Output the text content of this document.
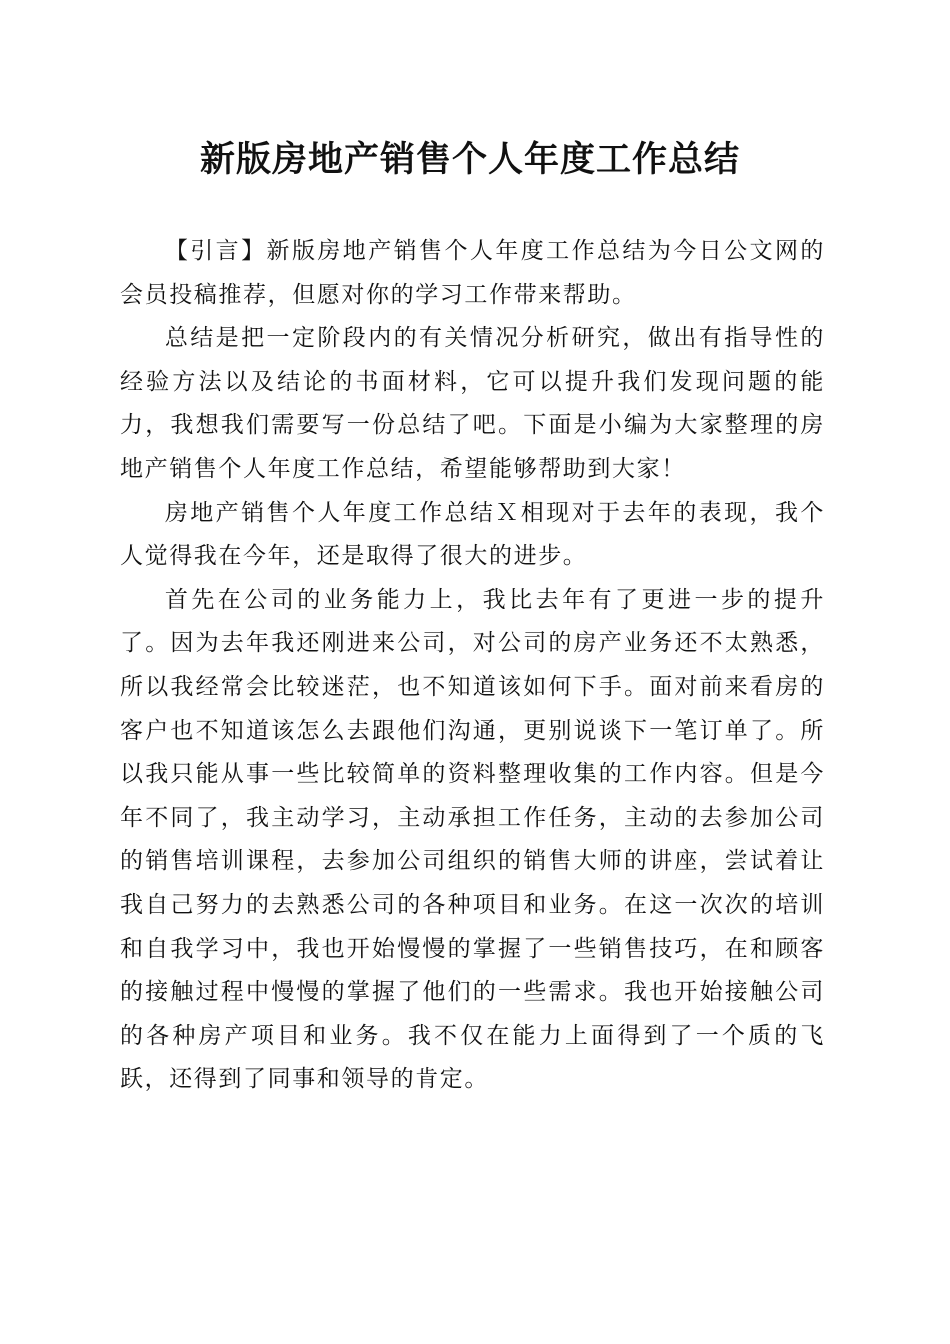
新版房地产销售个人年度工作总结

【引言】新版房地产销售个人年度工作总结为今日公文网的会员投稿推荐，但愿对你的学习工作带来帮助。

总结是把一定阶段内的有关情况分析研究，做出有指导性的经验方法以及结论的书面材料，它可以提升我们发现问题的能力，我想我们需要写一份总结了吧。下面是小编为大家整理的房地产销售个人年度工作总结，希望能够帮助到大家！

房地产销售个人年度工作总结Ｘ相现对于去年的表现，我个人觉得我在今年，还是取得了很大的进步。

首先在公司的业务能力上，我比去年有了更进一步的提升了。因为去年我还刚进来公司，对公司的房产业务还不太熟悉，所以我经常会比较迷茫，也不知道该如何下手。面对前来看房的客户也不知道该怎么去跟他们沟通，更别说谈下一笔订单了。所以我只能从事一些比较简单的资料整理收集的工作内容。但是今年不同了，我主动学习，主动承担工作任务，主动的去参加公司的销售培训课程，去参加公司组织的销售大师的讲座，尝试着让我自己努力的去熟悉公司的各种项目和业务。在这一次次的培训和自我学习中，我也开始慢慢的掌握了一些销售技巧，在和顾客的接触过程中慢慢的掌握了他们的一些需求。我也开始接触公司的各种房产项目和业务。我不仅在能力上面得到了一个质的飞跃，还得到了同事和领导的肯定。
